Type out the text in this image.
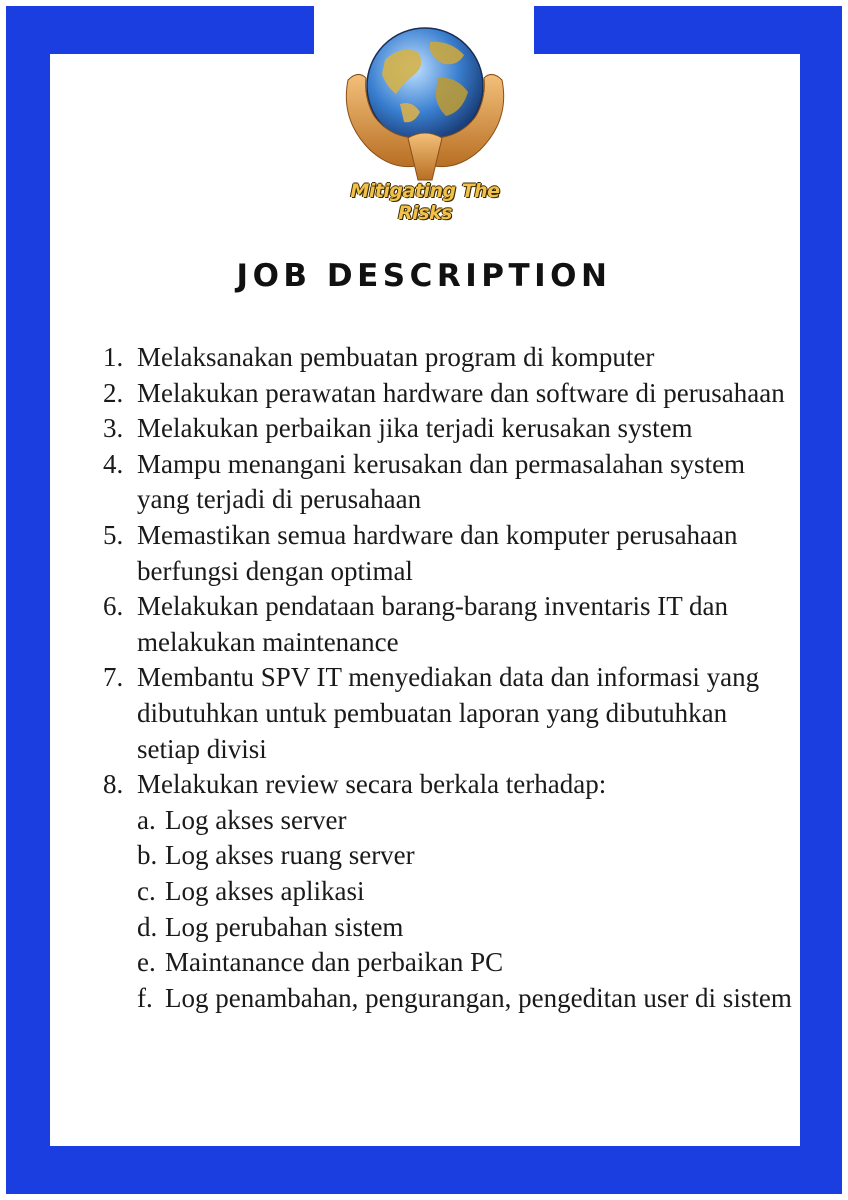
Mitigating The Risks
JOB DESCRIPTION
1. Melaksanakan pembuatan program di komputer
2. Melakukan perawatan hardware dan software di perusahaan
3. Melakukan perbaikan jika terjadi kerusakan system
4. Mampu menangani kerusakan dan permasalahan system yang terjadi di perusahaan
5. Memastikan semua hardware dan komputer perusahaan berfungsi dengan optimal
6. Melakukan pendataan barang-barang inventaris IT dan melakukan maintenance
7. Membantu SPV IT menyediakan data dan informasi yang dibutuhkan untuk pembuatan laporan yang dibutuhkan setiap divisi
8. Melakukan review secara berkala terhadap:
a. Log akses server
b. Log akses ruang server
c. Log akses aplikasi
d. Log perubahan sistem
e. Maintanance dan perbaikan PC
f. Log penambahan, pengurangan, pengeditan user di sistem
